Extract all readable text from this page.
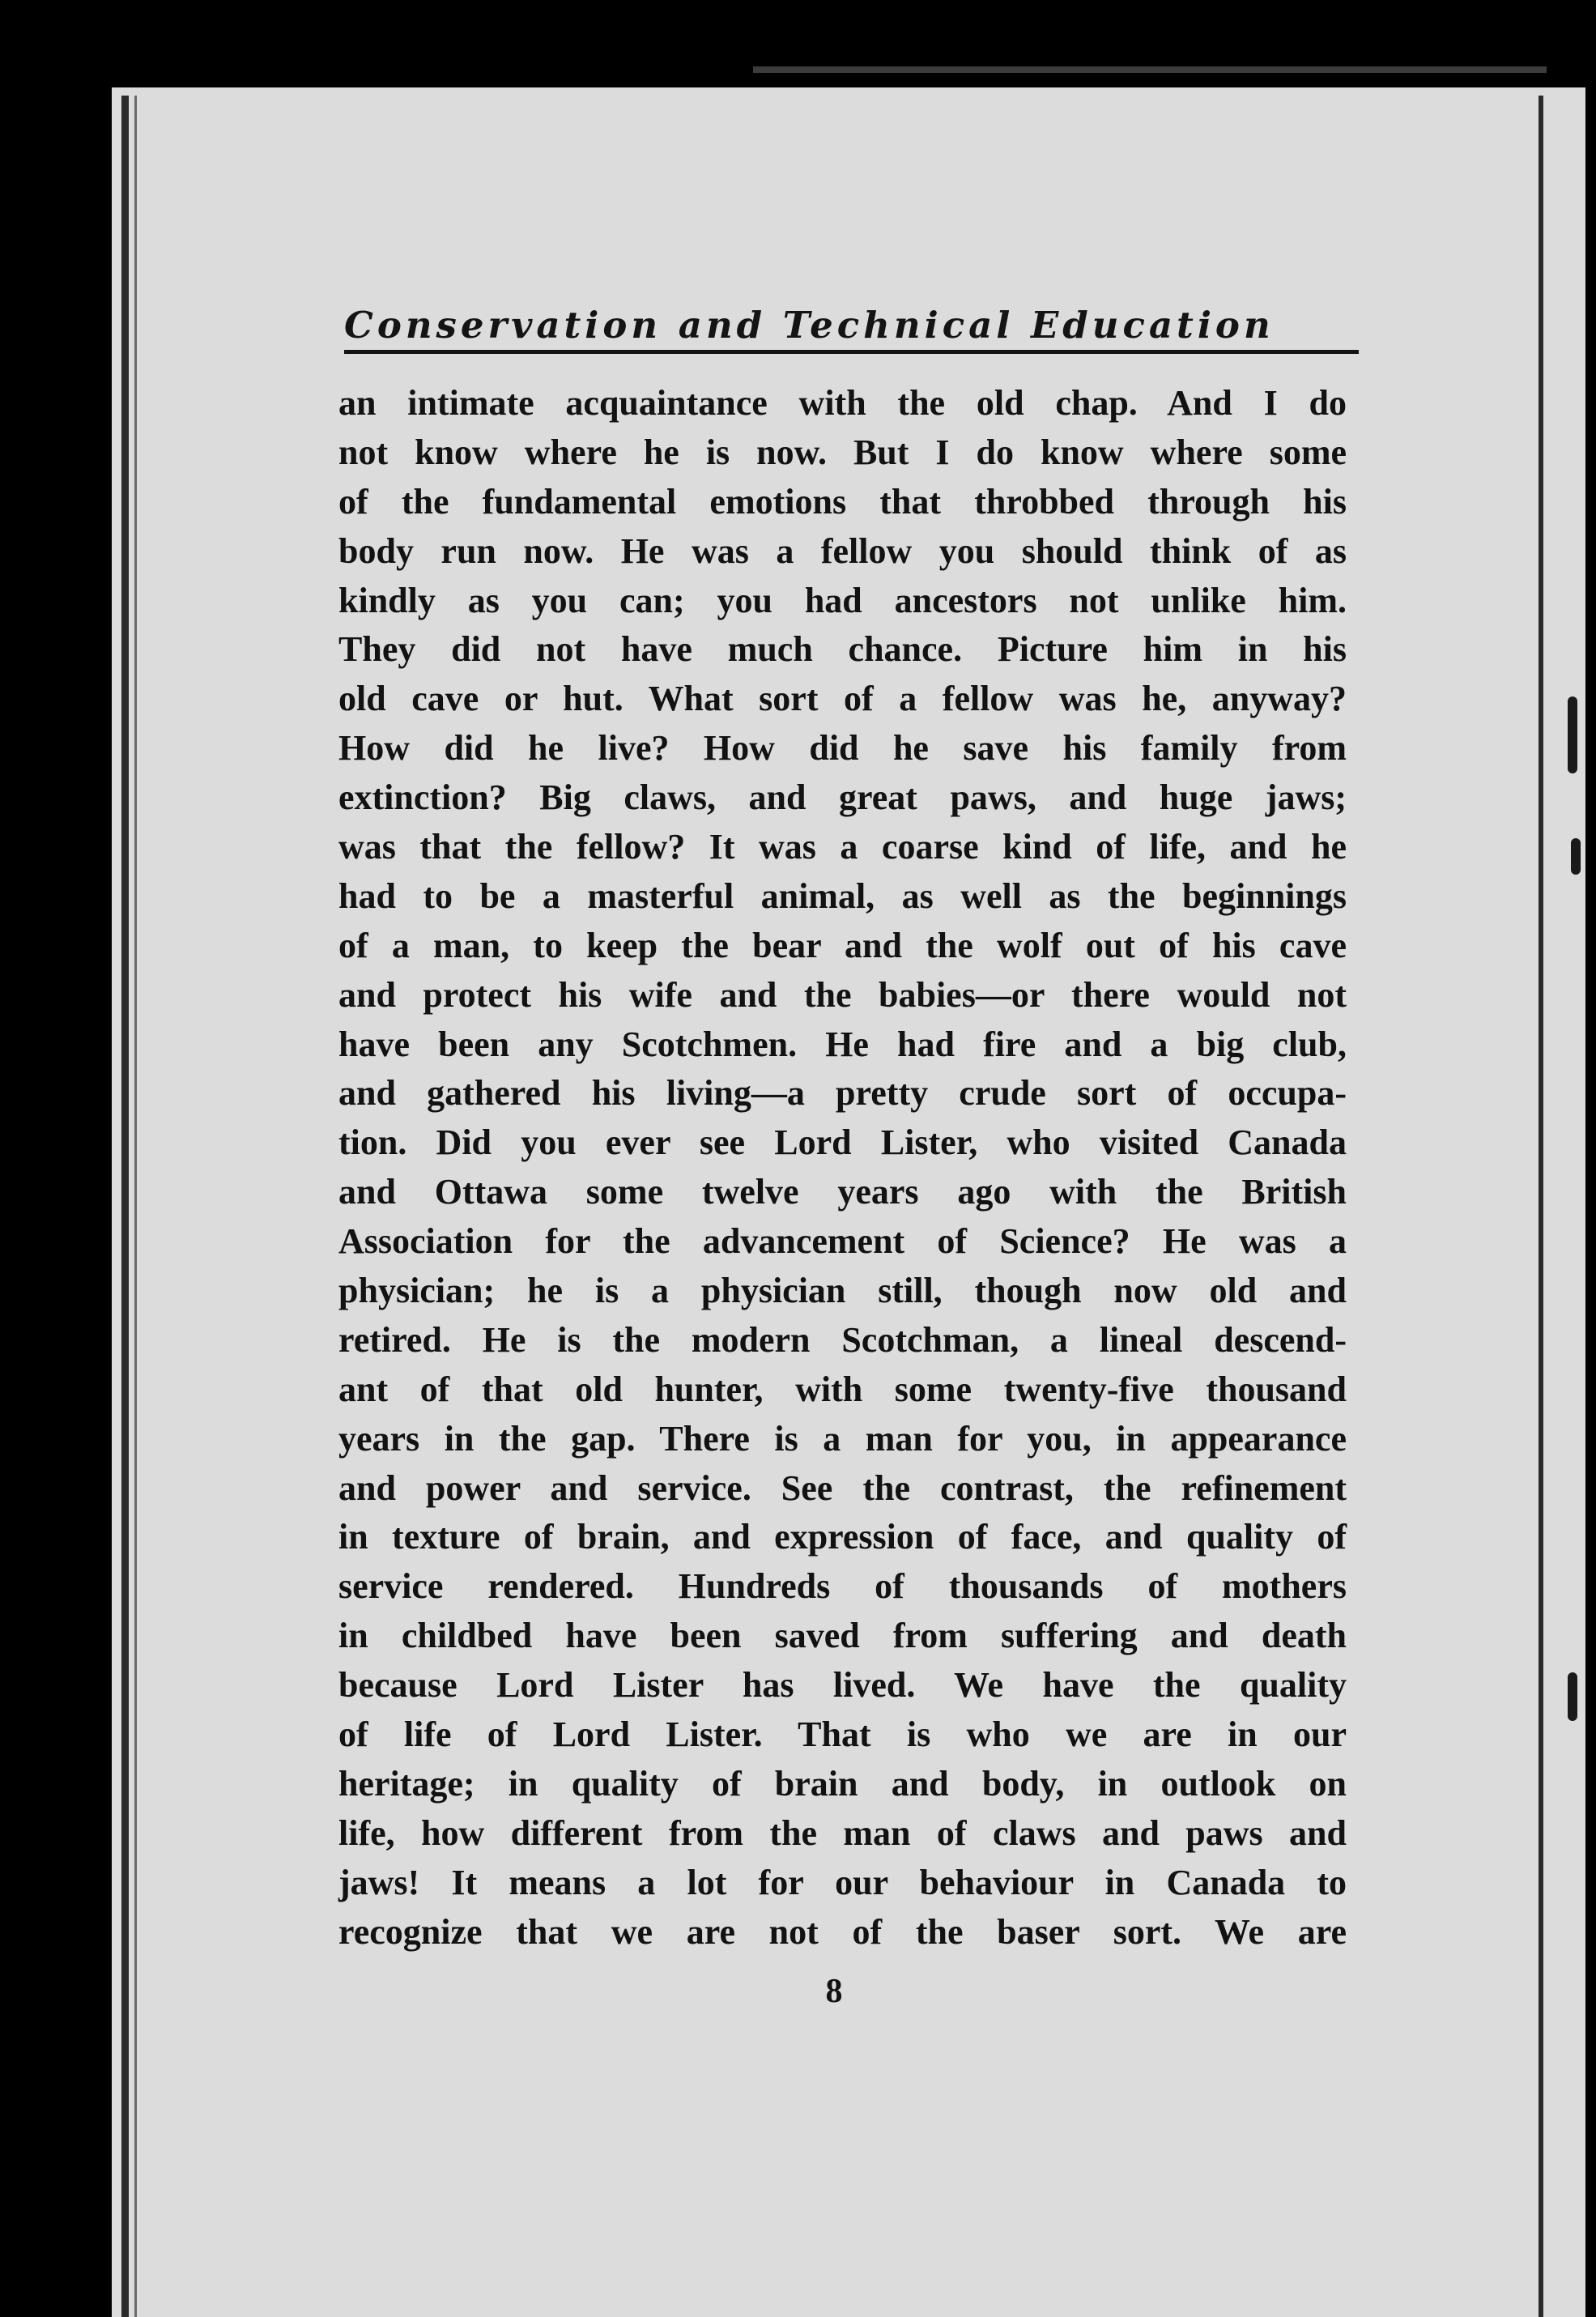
Conservation and Technical Education
an intimate acquaintance with the old chap. And I do
not know where he is now. But I do know where some
of the fundamental emotions that throbbed through his
body run now. He was a fellow you should think of as
kindly as you can; you had ancestors not unlike him.
They did not have much chance. Picture him in his
old cave or hut. What sort of a fellow was he, anyway?
How did he live? How did he save his family from
extinction? Big claws, and great paws, and huge jaws;
was that the fellow? It was a coarse kind of life, and he
had to be a masterful animal, as well as the beginnings
of a man, to keep the bear and the wolf out of his cave
and protect his wife and the babies—or there would not
have been any Scotchmen. He had fire and a big club,
and gathered his living—a pretty crude sort of occupa-
tion. Did you ever see Lord Lister, who visited Canada
and Ottawa some twelve years ago with the British
Association for the advancement of Science? He was a
physician; he is a physician still, though now old and
retired. He is the modern Scotchman, a lineal descend-
ant of that old hunter, with some twenty-five thousand
years in the gap. There is a man for you, in appearance
and power and service. See the contrast, the refinement
in texture of brain, and expression of face, and quality of
service rendered. Hundreds of thousands of mothers
in childbed have been saved from suffering and death
because Lord Lister has lived. We have the quality
of life of Lord Lister. That is who we are in our
heritage; in quality of brain and body, in outlook on
life, how different from the man of claws and paws and
jaws! It means a lot for our behaviour in Canada to
recognize that we are not of the baser sort. We are
8
